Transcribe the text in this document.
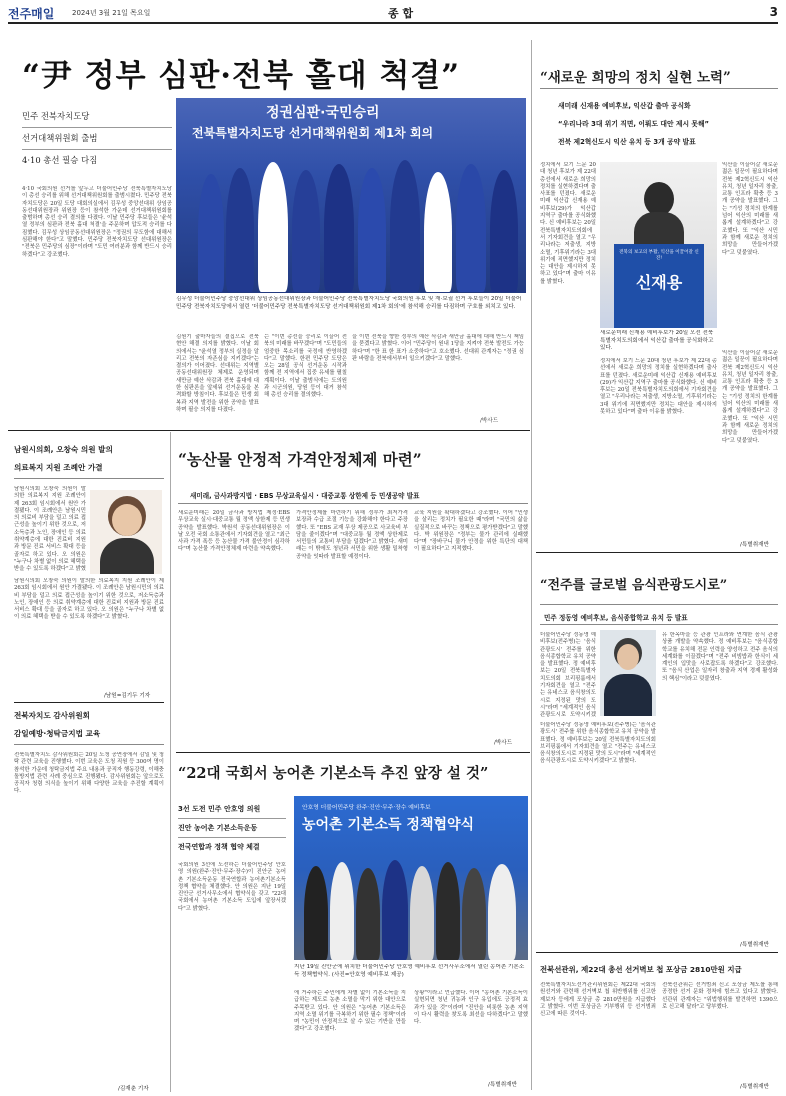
전주매일	2024년 3월 21일 목요일	종 합	3
“尹 정부 심판·전북 홀대 척결”
민주 전북자치도당
선거대책위원회 출범
4·10 총선 필승 다짐
정권심판·국민승리
전북특별자치도당 선거대책위원회 제1차 회의
김무성 더불어민주당 중앙선대위 상임공동선대위원장과 더불어민주당 전북특별자치도당 국회의원 후보 및 재·보궐 선거 후보들이 20일 더불어민주당 전북자치도당에서 열린 '더불어민주당 전북특별자치도당 선거대책위원회 제1차 회의'에 참석해 승리를 다짐하며 구호를 외치고 있다.
4·10 국회의원 선거를 앞두고 더불어민주당 전북특별자치도당이 총선 승리를 위해 선거대책위원회를 출범시켰다. 민주당 전북자치도당은 20일 도당 대회의실에서 김무성 중앙선대위 상임공동선대위원장과 위원장 등이 참석한 가운데 선거대책위원회를 출범하며 총선 승리 결의를 다졌다. 이날 민주당 후보들은 '윤석열 정부의 심판과 전북 홀대 척결'을 주문하며 압도적 승리를 다짐했다. 김무성 상임공동선대위원장은 "정권의 무도함에 대해서 심판해야 한다"고 말했다. 민주당 전북자치도당 선대위원장은 "전북은 민주당의 심장"이라며 "도민 여러분과 함께 반드시 승리하겠다"고 강조했다.
김원기 출마자들의 결집으로 전북 현안 해결 의지를 밝혔다. 이날 회의에서는 "윤석열 정부의 실정을 알리고 전북의 자존심을 지키겠다"는 결의가 이어졌다. 선대위는 지역별 공동선대위원장 체제로 운영되며 새만금 예산 삭감과 전북 홀대에 대한 심판론을 앞세워 선거운동을 본격화할 방침이다. 후보들은 민생 회복과 지역 발전을 위한 공약을 발표하며 필승 의지를 다졌다.
는 "이번 총선을 승리로 이끌어 전북의 미래를 바꾸겠다"며 "도민들의 엄중한 목소리를 국정에 반영하겠다"고 말했다. 한편 민주당 도당은 오는 28일 공식 선거운동 시작과 함께 전 지역에서 집중 유세를 펼칠 계획이다. 이날 출범식에는 도의원과 시군의원, 당원 등이 대거 참석해 총선 승리를 결의했다.
을 이번 전북을 향한 정부의 예산 삭감과 새만금 홀대에 대해 반드시 책임을 묻겠다고 밝혔다. 이어 "민주당이 원내 1당을 지켜야 전북 발전도 가능하다"며 "한 표 한 표가 소중하다"고 호소했다. 선대위 관계자는 "정권 심판 바람을 전북에서부터 일으키겠다"고 말했다.
/박사드
“새로운 희망의 정치 실현 노력”
새미래 신재용 예비후보, 익산갑 출마 공식화
“우리나라 3대 위기 직면, 이뤄도 대안 제시 못해”
전북 제2혁신도시 익산 유치 등 3개 공약 발표
정치에서 보기 드문 20대 청년 후보가 제 22대 총선에서 새로운 희망의 정치를 실현하겠다며 출사표를 던졌다. 새로운미래 익산갑 신재용 예비후보(29)가 익산갑 지역구 출마를 공식화했다. 신 예비후보는 20일 전북특별자치도의회에서 기자회견을 열고 "우리나라는 저출생, 지방소멸, 기후위기라는 3대 위기에 직면했지만 정치는 대안을 제시하지 못하고 있다"며 출마 이유를 밝혔다.
전북의 보고의 부활, 익산을 이끌어갈 신진!
신재용
새로운미래 신재용 예비후보가 20일 오전 전북특별자치도의회에서 익산갑 출마를 공식화하고 있다.
익산을 이끌어갈 새로운 젊은 일꾼이 필요하다며 전북 제2혁신도시 익산 유치, 청년 일자리 창출, 교통 인프라 확충 등 3개 공약을 발표했다. 그는 "기성 정치의 한계를 넘어 익산의 미래를 새롭게 설계하겠다"고 강조했다. 또 "익산 시민과 함께 새로운 정치의 희망을 만들어가겠다"고 덧붙였다.
정치에서 보기 드문 20대 청년 후보가 제 22대 총선에서 새로운 희망의 정치를 실현하겠다며 출사표를 던졌다. 새로운미래 익산갑 신재용 예비후보(29)가 익산갑 지역구 출마를 공식화했다. 신 예비후보는 20일 전북특별자치도의회에서 기자회견을 열고 "우리나라는 저출생, 지방소멸, 기후위기라는 3대 위기에 직면했지만 정치는 대안을 제시하지 못하고 있다"며 출마 이유를 밝혔다.
익산을 이끌어갈 새로운 젊은 일꾼이 필요하다며 전북 제2혁신도시 익산 유치, 청년 일자리 창출, 교통 인프라 확충 등 3개 공약을 발표했다. 그는 "기성 정치의 한계를 넘어 익산의 미래를 새롭게 설계하겠다"고 강조했다. 또 "익산 시민과 함께 새로운 정치의 희망을 만들어가겠다"고 덧붙였다.
/특별취재반
남원시의회, 오창숙 의원 발의
의료복지 지원 조례안 가결
남원시의회 오창숙 의원이 발의한 의료복지 지원 조례안이 제 263회 임시회에서 원안 가결됐다. 이 조례안은 남원시민의 의료비 부담을 덜고 의료 접근성을 높이기 위한 것으로, 저소득층과 노인, 장애인 등 의료 취약계층에 대한 진료비 지원과 방문 진료 서비스 확대 등을 골자로 하고 있다. 오 의원은 "누구나 차별 없이 의료 혜택을 받을 수 있도록 하겠다"고 밝혔
남원시의회 오창숙 의원이 발의한 의료복지 지원 조례안이 제 263회 임시회에서 원안 가결됐다. 이 조례안은 남원시민의 의료비 부담을 덜고 의료 접근성을 높이기 위한 것으로, 저소득층과 노인, 장애인 등 의료 취약계층에 대한 진료비 지원과 방문 진료 서비스 확대 등을 골자로 하고 있다. 오 의원은 "누구나 차별 없이 의료 혜택을 받을 수 있도록 하겠다"고 밝혔다.
/남원=김기두 기자
전북자치도 감사위원회
감일예방·청탁금지법 교육
전북특별자치도 감사위원회는 20일 도청 공연장에서 감일 및 청탁 관련 교육을 진행했다. 이번 교육은 도청 직원 등 300여 명이 참석한 가운데 청탁금지법 주요 내용과 공직자 행동강령, 이해충돌방지법 관련 사례 중심으로 진행됐다. 감사위원회는 앞으로도 공직자 청렴 의식을 높이기 위해 다양한 교육을 추진할 계획이다.
/김재춘 기자
“농산물 안정적 가격안정체제 마련”
새미래, 금사과방지법 · EBS 무상교육실시 · 대중교통 상한제 등 민생공약 발표
새로운미래는 20일 금사과 방지법 제정·EBS 무상교육 실시·대중교통 월 정액 상한제 등 민생 공약을 발표했다. 박원석 공동선대위원장은 이날 오전 국회 소통관에서 기자회견을 열고 "최근 사과 가격 폭등 등 농산물 가격 불안정이 심각하다"며 농산물 가격안정체제 마련을 약속했다.
가격안정제를 마련하기 위해 정부가 최저가격 보장과 수급 조절 기능을 강화해야 한다고 주장했다. 또 "EBS 교재 무상 제공으로 사교육비 부담을 줄이겠다"며 "대중교통 월 정액 상한제로 서민들의 교통비 부담을 덜겠다"고 밝혔다. 새미래는 이 밖에도 청년과 서민을 위한 생활 밀착형 공약을 잇따라 발표할 예정이다.
교육 지원을 확대하겠다고 강조했다. 이어 "민생을 살리는 정치가 필요한 때"라며 "국민의 삶을 실질적으로 바꾸는 정책으로 평가받겠다"고 말했다. 박 위원장은 "정부는 물가 관리에 실패했다"며 "장바구니 물가 안정을 위한 특단의 대책이 필요하다"고 지적했다.
/박사드
“22대 국회서 농어촌 기본소득 추진 앞장 설 것”
3선 도전 민주 안호영 의원
진안 농어촌 기본소득운동
전국연합과 정책 협약 체결
안호영 더불어민주당 완주·진안·무주·장수 예비후보
농어촌 기본소득 정책협약식
지난 19일 진안군에 위치한 더불어민주당 안호영 예비후보 선거사무소에서 열린 농어촌 기본소득 정책협약식. (사진=안호영 예비후보 제공)
국회의원 3선에 도전하는 더불어민주당 안호영 의원(완주·진안·무주·장수)이 진안군 농어촌 기본소득운동 전국연합과 농어촌기본소득 정책 협약을 체결했다. 안 의원은 지난 19일 진안군 선거사무소에서 협약식을 갖고 "22대 국회에서 농어촌 기본소득 도입에 앞장서겠다"고 밝혔다.
에 거주하는 주민에게 차별 없이 기본소득을 지급하는 제도로 농촌 소멸을 막기 위한 대안으로 주목받고 있다. 안 의원은 "농어촌 기본소득은 지역 소멸 위기를 극복하기 위한 필수 정책"이라며 "농민이 안정적으로 살 수 있는 기반을 만들겠다"고 강조했다.
상황"이라고 언급했다. 이어 "농어촌 기본소득이 실현되면 청년 귀농과 인구 유입에도 긍정적 효과가 있을 것"이라며 "진안을 비롯한 농촌 지역이 다시 활력을 찾도록 최선을 다하겠다"고 말했다.
/특별취재반
“전주를 글로벌 음식관광도시로”
민주 정동영 예비후보, 음식종합학교 유치 등 발표
더불어민주당 정동영 예비후보(전주병)는 '음식관광도시' 전주를 위한 음식종합학교 유치 공약을 발표했다. 정 예비후보는 20일 전북특별자치도의회 브리핑룸에서 기자회견을 열고 "전주는 유네스코 음식창의도시로 지정된 맛의 도시"라며 "세계적인 음식관광도시로 도약시키겠
더불어민주당 정동영 예비후보(전주병)는 '음식관광도시' 전주를 위한 음식종합학교 유치 공약을 발표했다. 정 예비후보는 20일 전북특별자치도의회 브리핑룸에서 기자회견을 열고 "전주는 유네스코 음식창의도시로 지정된 맛의 도시"라며 "세계적인 음식관광도시로 도약시키겠다"고 밝혔다.
유 한옥마을 등 관광 인프라와 연계한 음식 관광 상품 개발을 약속했다. 정 예비후보는 "음식종합학교를 유치해 전문 인력을 양성하고 전주 음식의 세계화를 이끌겠다"며 "전주 비빔밥과 한식이 세계인의 입맛을 사로잡도록 하겠다"고 강조했다. 또 "음식 산업은 일자리 창출과 지역 경제 활성화의 핵심"이라고 덧붙였다.
/특별취재반
전북선관위, 제22대 총선 선거벽보 첩 포상금 2810만원 지급
전북특별자치도선거관리위원회는 제22대 국회의원선거와 관련해 선거벽보 첩 위반행위를 신고한 제보자 등에게 포상금 총 2810만원을 지급했다고 밝혔다. 이번 포상금은 기부행위 등 선거범죄 신고에 따른 것이다.
전북선관위는 선거범죄 신고 포상금 제도를 통해 공정한 선거 문화 정착에 힘쓰고 있다고 밝혔다. 선관위 관계자는 "위법행위를 발견하면 1390으로 신고해 달라"고 당부했다.
/특별취재반
